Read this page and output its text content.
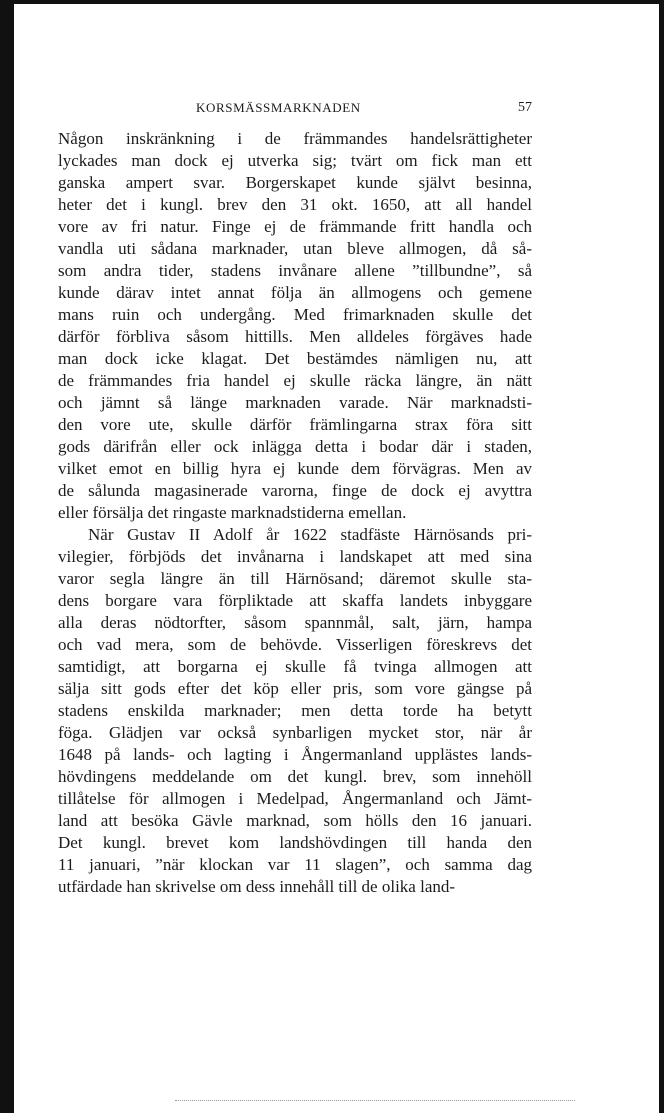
KORSMÄSSMARKNADEN	57
Någon inskränkning i de främmandes handelsrättigheter
lyckades man dock ej utverka sig; tvärt om fick man ett
ganska ampert svar. Borgerskapet kunde självt besinna,
heter det i kungl. brev den 31 okt. 1650, att all handel
vore av fri natur. Finge ej de främmande fritt handla och
vandla uti sådana marknader, utan bleve allmogen, då så-
som andra tider, stadens invånare allene ”tillbundne”, så
kunde därav intet annat följa än allmogens och gemene
mans ruin och undergång. Med frimarknaden skulle det
därför förbliva såsom hittills. Men alldeles förgäves hade
man dock icke klagat. Det bestämdes nämligen nu, att
de främmandes fria handel ej skulle räcka längre, än nätt
och jämnt så länge marknaden varade. När marknadsti-
den vore ute, skulle därför främlingarna strax föra sitt
gods därifrån eller ock inlägga detta i bodar där i staden,
vilket emot en billig hyra ej kunde dem förvägras. Men av
de sålunda magasinerade varorna, finge de dock ej avyttra
eller försälja det ringaste marknadstiderna emellan.
När Gustav II Adolf år 1622 stadfäste Härnösands pri-
vilegier, förbjöds det invånarna i landskapet att med sina
varor segla längre än till Härnösand; däremot skulle sta-
dens borgare vara förpliktade att skaffa landets inbyggare
alla deras nödtorfter, såsom spannmål, salt, järn, hampa
och vad mera, som de behövde. Visserligen föreskrevs det
samtidigt, att borgarna ej skulle få tvinga allmogen att
sälja sitt gods efter det köp eller pris, som vore gängse på
stadens enskilda marknader; men detta torde ha betytt
föga. Glädjen var också synbarligen mycket stor, när år
1648 på lands- och lagting i Ångermanland upplästes lands-
hövdingens meddelande om det kungl. brev, som innehöll
tillåtelse för allmogen i Medelpad, Ångermanland och Jämt-
land att besöka Gävle marknad, som hölls den 16 januari.
Det kungl. brevet kom landshövdingen till handa den
11 januari, ”när klockan var 11 slagen”, och samma dag
utfärdade han skrivelse om dess innehåll till de olika land-
